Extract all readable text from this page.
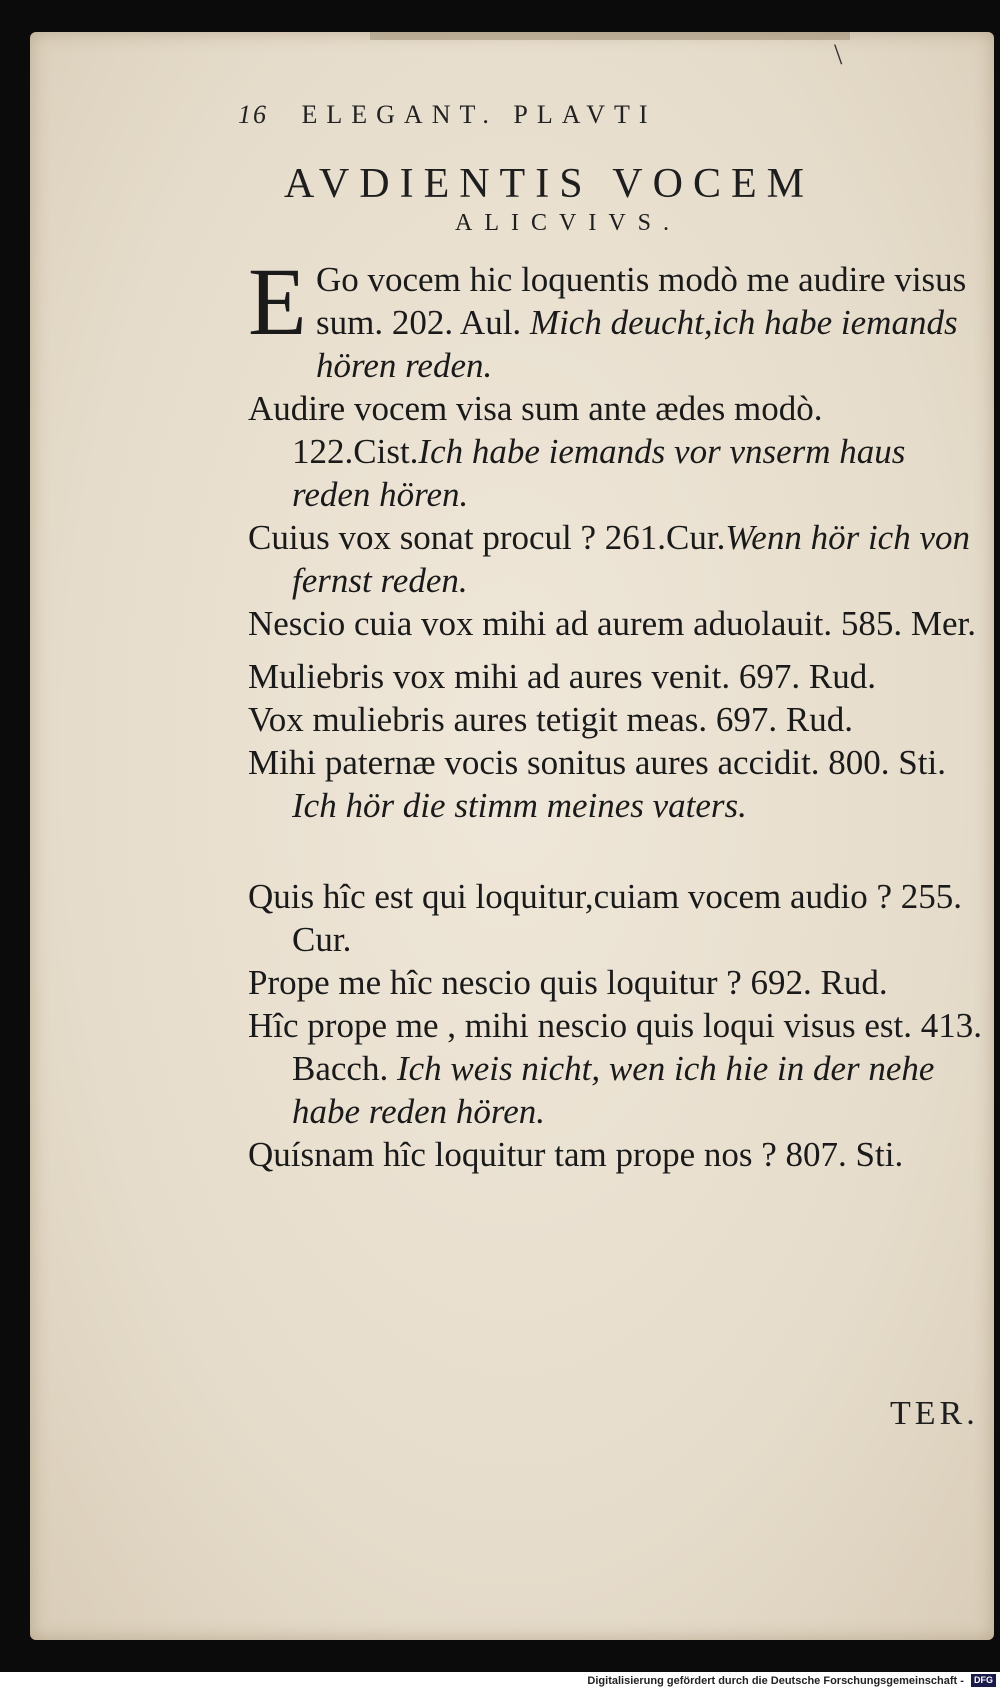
\
16 ELEGANT. PLAVTI
AVDIENTIS VOCEM
ALICVIVS.

E Go vocem hic loquentis modò me audire visus sum. 202. Aul. Mich deucht,ich habe iemands hören reden.

Audire vocem visa sum ante ædes modò. 122.Cist.Ich habe iemands vor vnserm haus reden hören.

Cuius vox sonat procul ? 261.Cur.Wenn hör ich von fernst reden.

Nescio cuia vox mihi ad aurem aduolauit. 585. Mer.

Muliebris vox mihi ad aures venit. 697. Rud.

Vox muliebris aures tetigit meas. 697. Rud.

Mihi paternæ vocis sonitus aures accidit. 800. Sti. Ich hör die stimm meines vaters.

Quis hîc est qui loquitur,cuiam vocem audio ? 255. Cur.

Prope me hîc nescio quis loquitur ? 692. Rud.

Hîc prope me , mihi nescio quis loqui visus est. 413. Bacch. Ich weis nicht, wen ich hie in der nehe habe reden hören.

Quísnam hîc loquitur tam prope nos ? 807. Sti.

TER.
Digitalisierung gefördert durch die Deutsche Forschungsgemeinschaft - DFG
